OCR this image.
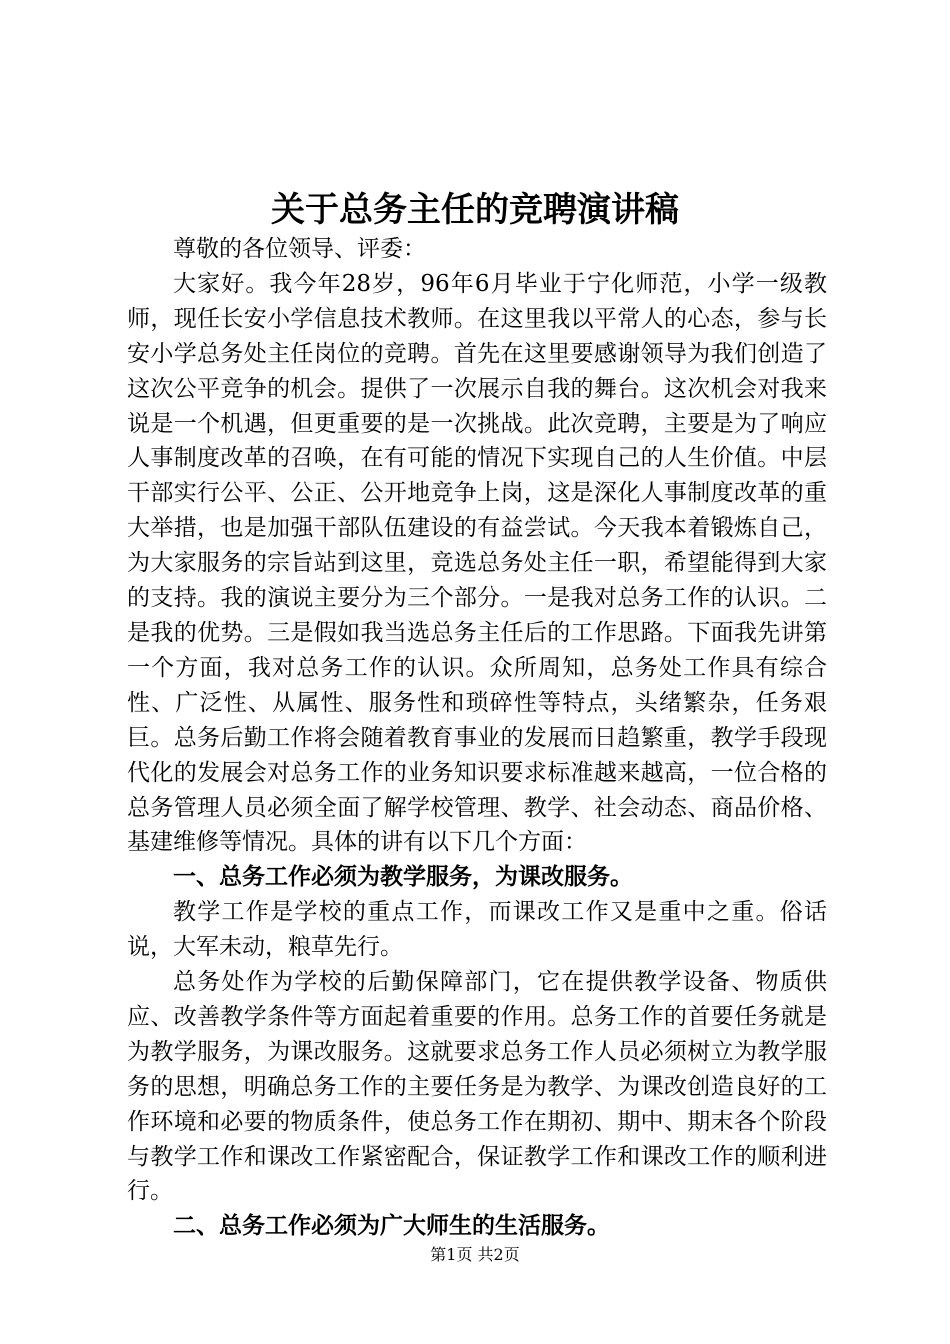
关于总务主任的竞聘演讲稿

尊敬的各位领导、评委：

大家好。我今年28岁，96年6月毕业于宁化师范，小学一级教师，现任长安小学信息技术教师。在这里我以平常人的心态，参与长安小学总务处主任岗位的竞聘。首先在这里要感谢领导为我们创造了这次公平竞争的机会。提供了一次展示自我的舞台。这次机会对我来说是一个机遇，但更重要的是一次挑战。此次竞聘，主要是为了响应人事制度改革的召唤，在有可能的情况下实现自己的人生价值。中层干部实行公平、公正、公开地竞争上岗，这是深化人事制度改革的重大举措，也是加强干部队伍建设的有益尝试。今天我本着锻炼自己，为大家服务的宗旨站到这里，竞选总务处主任一职，希望能得到大家的支持。我的演说主要分为三个部分。一是我对总务工作的认识。二是我的优势。三是假如我当选总务主任后的工作思路。下面我先讲第一个方面，我对总务工作的认识。众所周知，总务处工作具有综合性、广泛性、从属性、服务性和琐碎性等特点，头绪繁杂，任务艰巨。总务后勤工作将会随着教育事业的发展而日趋繁重，教学手段现代化的发展会对总务工作的业务知识要求标准越来越高，一位合格的总务管理人员必须全面了解学校管理、教学、社会动态、商品价格、基建维修等情况。具体的讲有以下几个方面：

一、总务工作必须为教学服务，为课改服务。

教学工作是学校的重点工作，而课改工作又是重中之重。俗话说，大军未动，粮草先行。

总务处作为学校的后勤保障部门，它在提供教学设备、物质供应、改善教学条件等方面起着重要的作用。总务工作的首要任务就是为教学服务，为课改服务。这就要求总务工作人员必须树立为教学服务的思想，明确总务工作的主要任务是为教学、为课改创造良好的工作环境和必要的物质条件，使总务工作在期初、期中、期末各个阶段与教学工作和课改工作紧密配合，保证教学工作和课改工作的顺利进行。

二、总务工作必须为广大师生的生活服务。

第1页 共2页
